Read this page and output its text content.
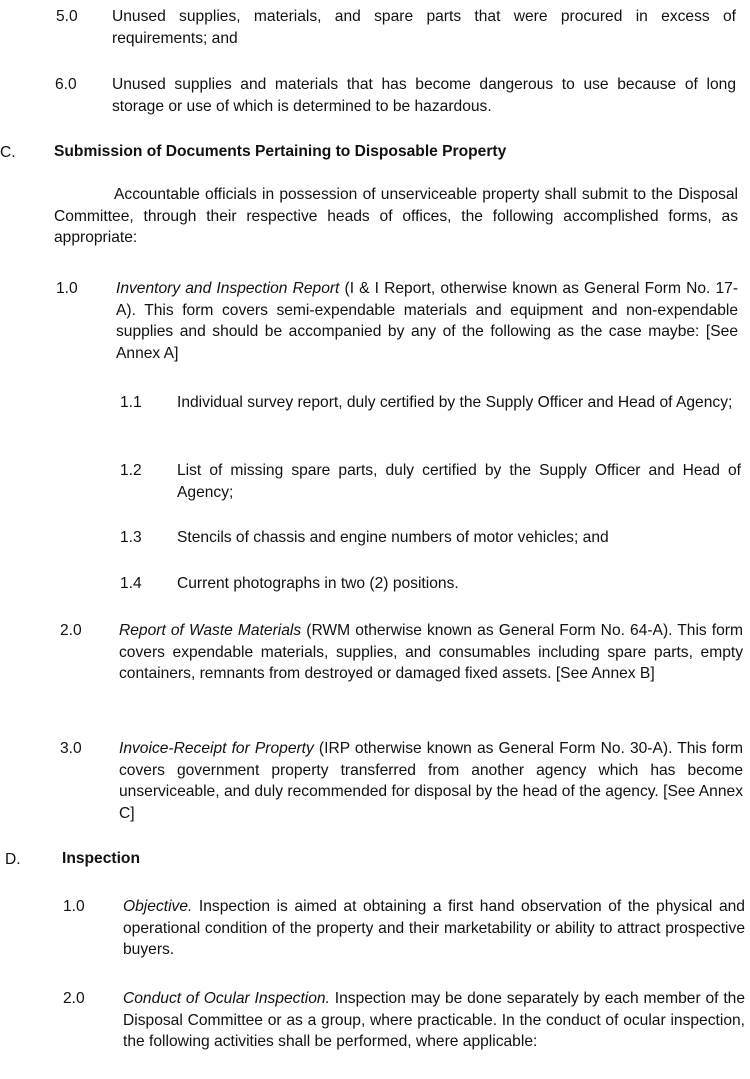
5.0 Unused supplies, materials, and spare parts that were procured in excess of requirements; and
6.0 Unused supplies and materials that has become dangerous to use because of long storage or use of which is determined to be hazardous.
C. Submission of Documents Pertaining to Disposable Property
Accountable officials in possession of unserviceable property shall submit to the Disposal Committee, through their respective heads of offices, the following accomplished forms, as appropriate:
1.0 Inventory and Inspection Report (I & I Report, otherwise known as General Form No. 17-A). This form covers semi-expendable materials and equipment and non-expendable supplies and should be accompanied by any of the following as the case maybe: [See Annex A]
1.1 Individual survey report, duly certified by the Supply Officer and Head of Agency;
1.2 List of missing spare parts, duly certified by the Supply Officer and Head of Agency;
1.3 Stencils of chassis and engine numbers of motor vehicles; and
1.4 Current photographs in two (2) positions.
2.0 Report of Waste Materials (RWM otherwise known as General Form No. 64-A). This form covers expendable materials, supplies, and consumables including spare parts, empty containers, remnants from destroyed or damaged fixed assets. [See Annex B]
3.0 Invoice-Receipt for Property (IRP otherwise known as General Form No. 30-A). This form covers government property transferred from another agency which has become unserviceable, and duly recommended for disposal by the head of the agency. [See Annex C]
D.	Inspection
1.0 Objective. Inspection is aimed at obtaining a first hand observation of the physical and operational condition of the property and their marketability or ability to attract prospective buyers.
2.0 Conduct of Ocular Inspection. Inspection may be done separately by each member of the Disposal Committee or as a group, where practicable. In the conduct of ocular inspection, the following activities shall be performed, where applicable:
